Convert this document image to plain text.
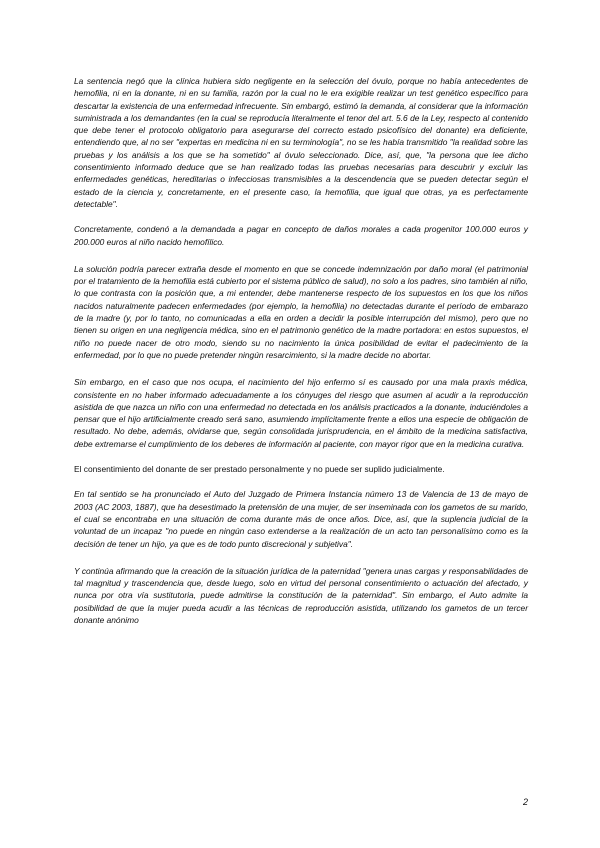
La sentencia negó que la clínica hubiera sido negligente en la selección del óvulo, porque no había antecedentes de hemofilia, ni en la donante, ni en su familia, razón por la cual no le era exigible realizar un test genético específico para descartar la existencia de una enfermedad infrecuente. Sin embargó, estimó la demanda, al considerar que la información suministrada a los demandantes (en la cual se reproducía literalmente el tenor del art. 5.6 de la Ley, respecto al contenido que debe tener el protocolo obligatorio para asegurarse del correcto estado psicofísico del donante) era deficiente, entendiendo que, al no ser "expertas en medicina ni en su terminología", no se les había transmitido "la realidad sobre las pruebas y los análisis a los que se ha sometido" al óvulo seleccionado. Dice, así, que, "la persona que lee dicho consentimiento informado deduce que se han realizado todas las pruebas necesarias para descubrir y excluir las enfermedades genéticas, hereditarias o infecciosas transmisibles a la descendencia que se pueden detectar según el estado de la ciencia y, concretamente, en el presente caso, la hemofilia, que igual que otras, ya es perfectamente detectable".

Concretamente, condenó a la demandada a pagar en concepto de daños morales a cada progenitor 100.000 euros y 200.000 euros al niño nacido hemofílico.

La solución podría parecer extraña desde el momento en que se concede indemnización por daño moral (el patrimonial por el tratamiento de la hemofilia está cubierto por el sistema público de salud), no solo a los padres, sino también al niño, lo que contrasta con la posición que, a mi entender, debe mantenerse respecto de los supuestos en los que los niños nacidos naturalmente padecen enfermedades (por ejemplo, la hemofilia) no detectadas durante el período de embarazo de la madre (y, por lo tanto, no comunicadas a ella en orden a decidir la posible interrupción del mismo), pero que no tienen su origen en una negligencia médica, sino en el patrimonio genético de la madre portadora: en estos supuestos, el niño no puede nacer de otro modo, siendo su no nacimiento la única posibilidad de evitar el padecimiento de la enfermedad, por lo que no puede pretender ningún resarcimiento, si la madre decide no abortar.

Sin embargo, en el caso que nos ocupa, el nacimiento del hijo enfermo sí es causado por una mala praxis médica, consistente en no haber informado adecuadamente a los cónyuges del riesgo que asumen al acudir a la reproducción asistida de que nazca un niño con una enfermedad no detectada en los análisis practicados a la donante, induciéndoles a pensar que el hijo artificialmente creado será sano, asumiendo implícitamente frente a ellos una especie de obligación de resultado. No debe, además, olvidarse que, según consolidada jurisprudencia, en el ámbito de la medicina satisfactiva, debe extremarse el cumplimiento de los deberes de información al paciente, con mayor rigor que en la medicina curativa.

El consentimiento del donante de ser prestado personalmente y no puede ser suplido judicialmente.

En tal sentido se ha pronunciado el Auto del Juzgado de Primera Instancia número 13 de Valencia de 13 de mayo de 2003 (AC 2003, 1887), que ha desestimado la pretensión de una mujer, de ser inseminada con los gametos de su marido, el cual se encontraba en una situación de coma durante más de once años. Dice, así, que la suplencia judicial de la voluntad de un incapaz "no puede en ningún caso extenderse a la realización de un acto tan personalísimo como es la decisión de tener un hijo, ya que es de todo punto discrecional y subjetiva".

Y continúa afirmando que la creación de la situación jurídica de la paternidad "genera unas cargas y responsabilidades de tal magnitud y trascendencia que, desde luego, solo en virtud del personal consentimiento o actuación del afectado, y nunca por otra vía sustitutoria, puede admitirse la constitución de la paternidad". Sin embargo, el Auto admite la posibilidad de que la mujer pueda acudir a las técnicas de reproducción asistida, utilizando los gametos de un tercer donante anónimo

2
